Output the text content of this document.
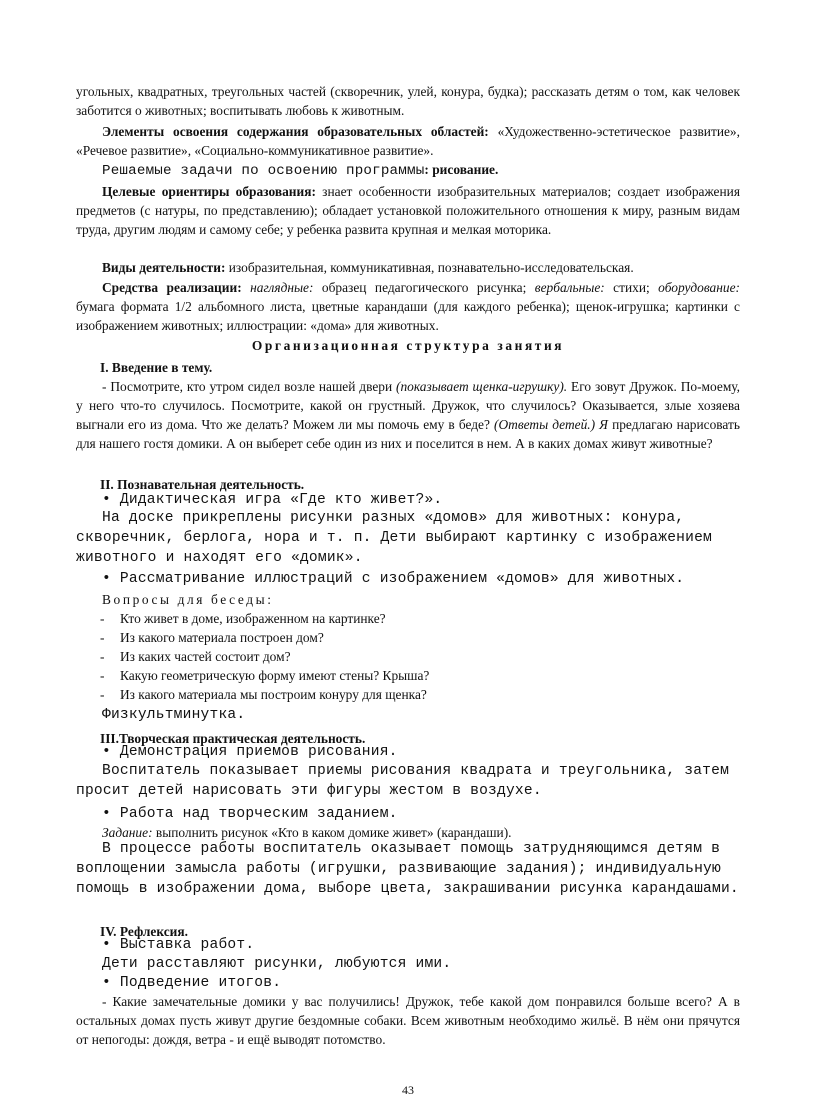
угольных, квадратных, треугольных частей (скворечник, улей, конура, будка); рассказать детям о том, как человек заботится о животных; воспитывать любовь к животным.

Элементы освоения содержания образовательных областей: «Художественно-эстетическое развитие», «Речевое развитие», «Социально-коммуникативное развитие».

Решаемые задачи по освоению программы: рисование.

Целевые ориентиры образования: знает особенности изобразительных материалов; создает изображения предметов (с натуры, по представлению); обладает установкой положительного отношения к миру, разным видам труда, другим людям и самому себе; у ребенка развита крупная и мелкая моторика.

Виды деятельности: изобразительная, коммуникативная, познавательно-исследовательская.

Средства реализации: наглядные: образец педагогического рисунка; вербальные: стихи; оборудование: бумага формата 1/2 альбомного листа, цветные карандаши (для каждого ребенка); щенок-игрушка; картинки с изображением животных; иллюстрации: «дома» для животных.

Организационная структура занятия

I. Введение в тему.

- Посмотрите, кто утром сидел возле нашей двери (показывает щенка-игрушку). Его зовут Дружок. По-моему, у него что-то случилось. Посмотрите, какой он грустный. Дружок, что случилось? Оказывается, злые хозяева выгнали его из дома. Что же делать? Можем ли мы помочь ему в беде? (Ответы детей.) Я предлагаю нарисовать для нашего гостя домики. А он выберет себе один из них и поселится в нем. А в каких домах живут животные?

II. Познавательная деятельность.

• Дидактическая игра «Где кто живет?».

На доске прикреплены рисунки разных «домов» для животных: конура, скворечник, берлога, нора и т. п. Дети выбирают картинку с изображением животного и находят его «домик».

• Рассматривание иллюстраций с изображением «домов» для животных.

Вопросы для беседы:

- Кто живет в доме, изображенном на картинке?
- Из какого материала построен дом?
- Из каких частей состоит дом?
- Какую геометрическую форму имеют стены? Крыша?
- Из какого материала мы построим конуру для щенка?

Физкультминутка.

III.Творческая практическая деятельность.

• Демонстрация приемов рисования.

Воспитатель показывает приемы рисования квадрата и треугольника, затем просит детей нарисовать эти фигуры жестом в воздухе.

• Работа над творческим заданием.

Задание: выполнить рисунок «Кто в каком домике живет» (карандаши).

В процессе работы воспитатель оказывает помощь затрудняющимся детям в воплощении замысла работы (игрушки, развивающие задания); индивидуальную помощь в изображении дома, выборе цвета, закрашивании рисунка карандашами.

IV. Рефлексия.

• Выставка работ.

Дети расставляют рисунки, любуются ими.

• Подведение итогов.

- Какие замечательные домики у вас получились! Дружок, тебе какой дом понравился больше всего? А в остальных домах пусть живут другие бездомные собаки. Всем животным необходимо жильё. В нём они прячутся от непогоды: дождя, ветра - и ещё выводят потомство.

43
